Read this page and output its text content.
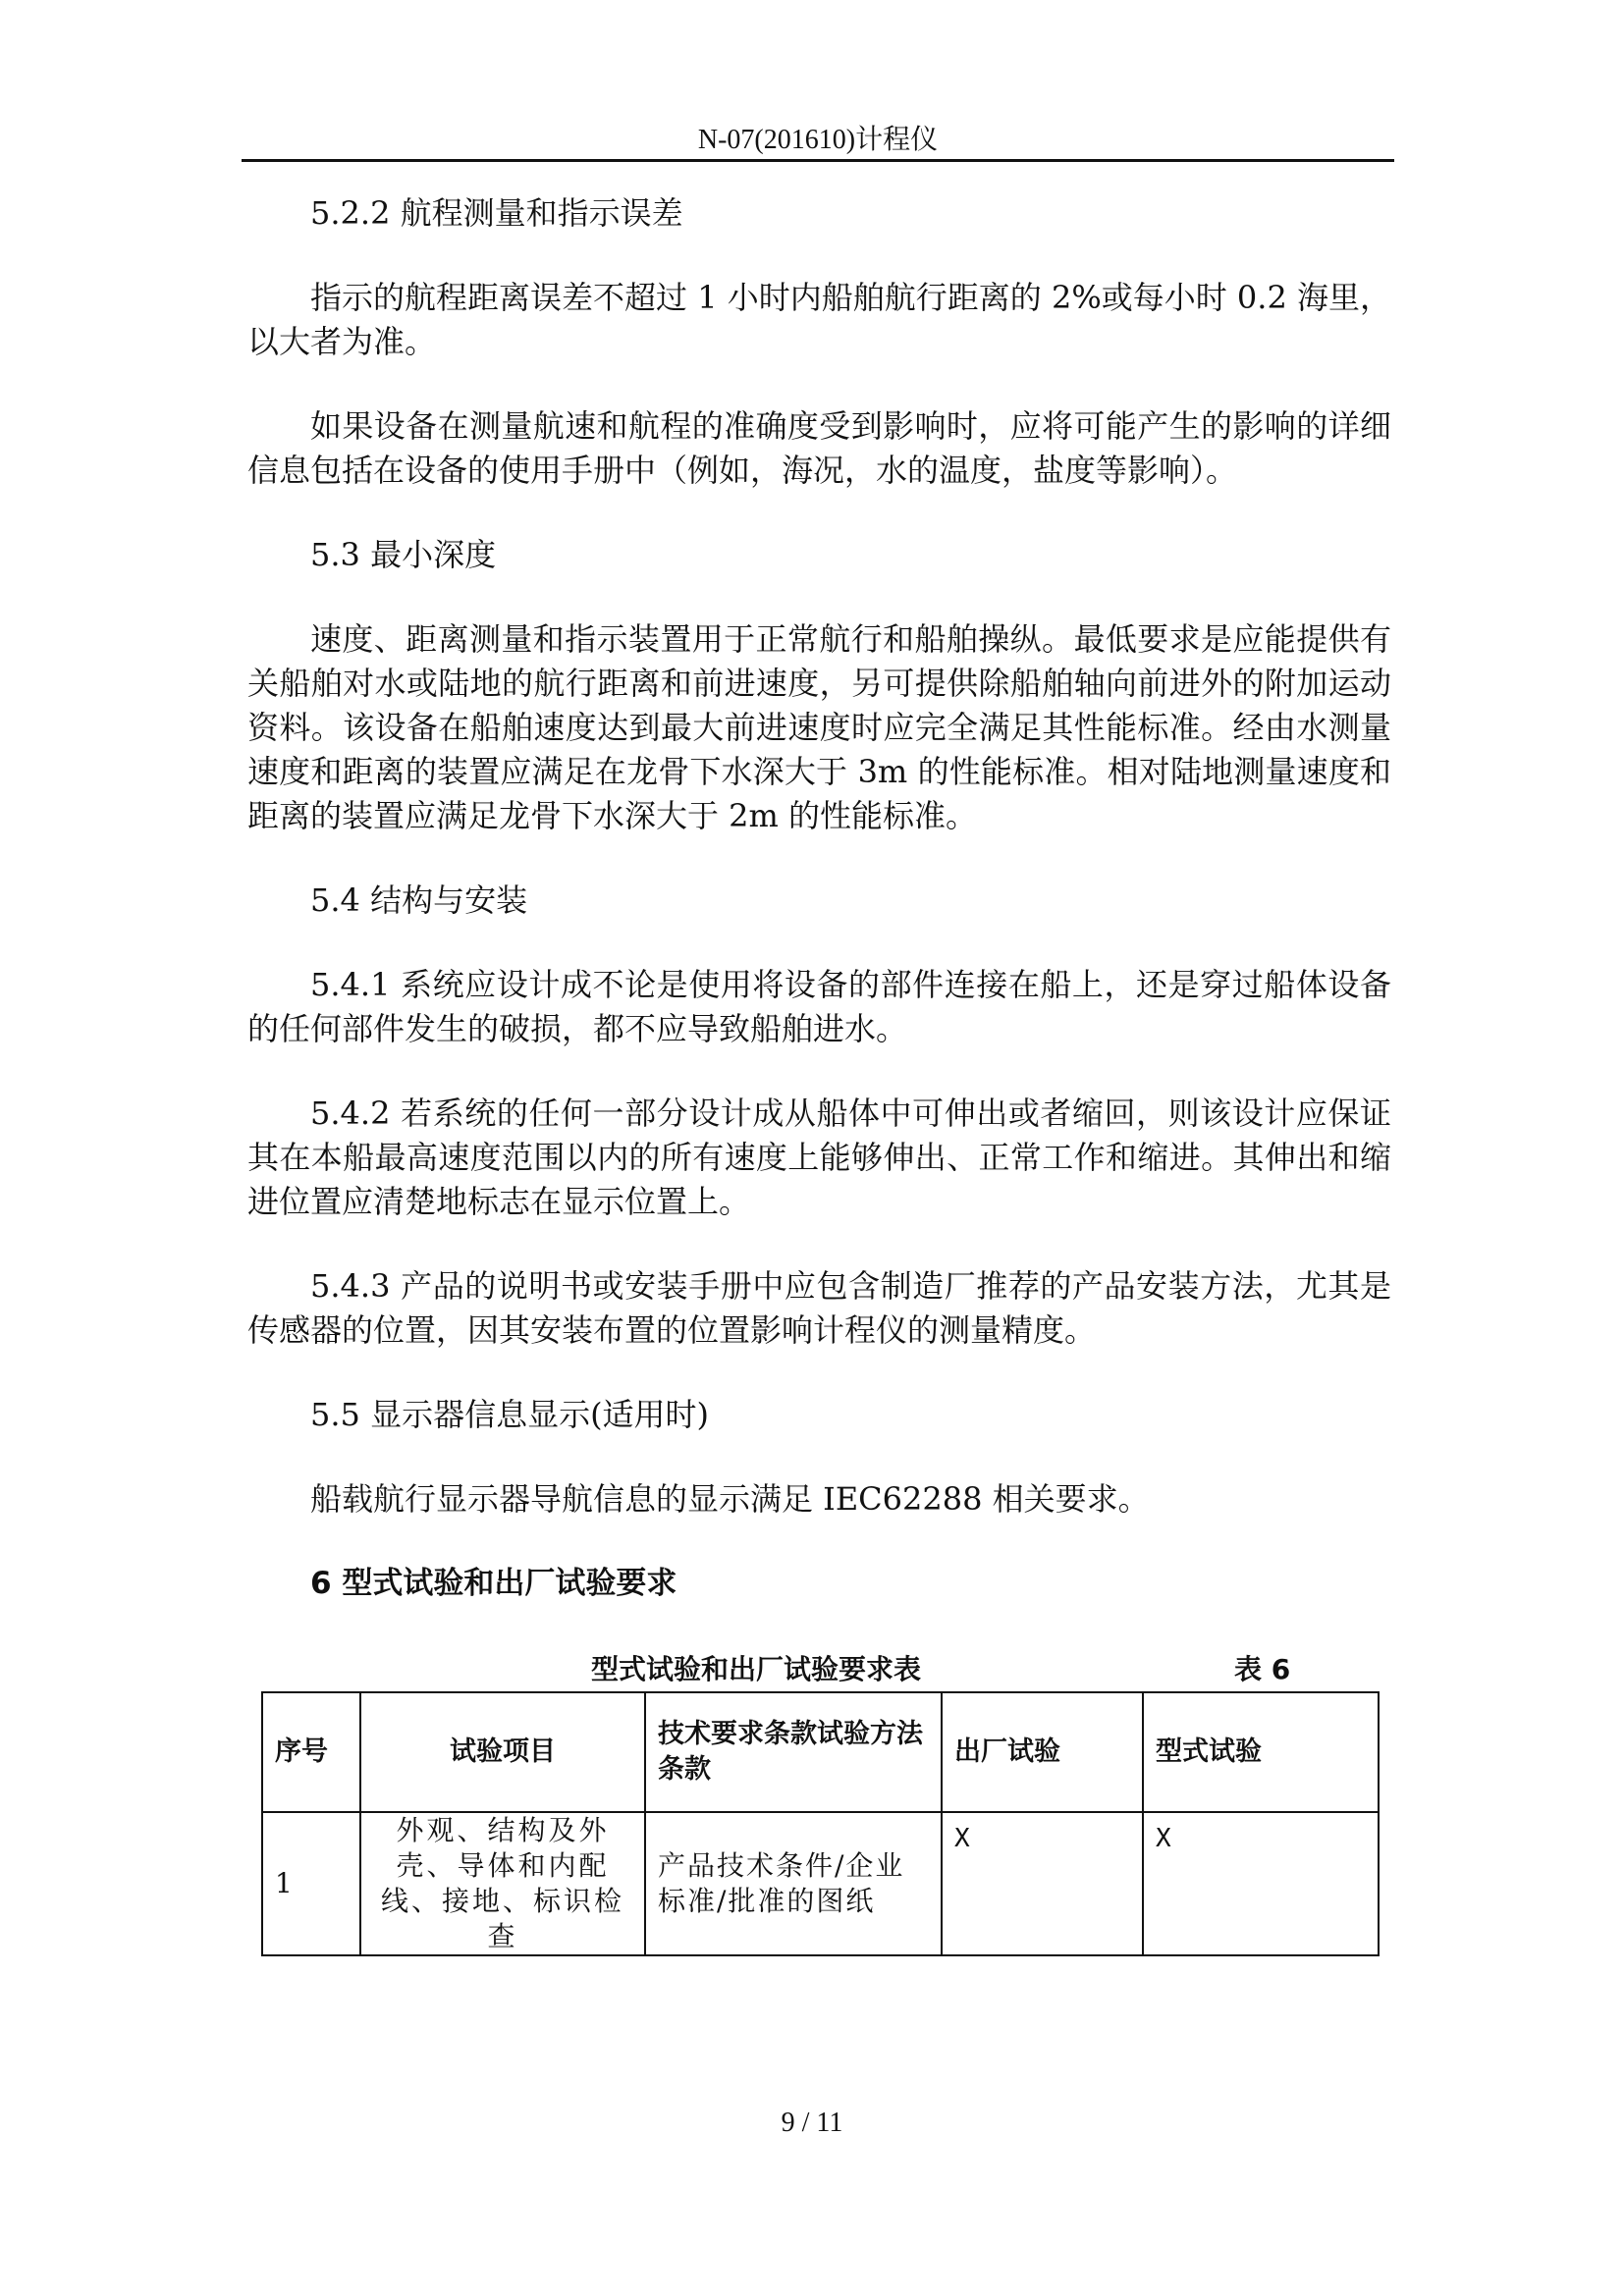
N-07(201610)计程仪

5.2.2 航程测量和指示误差

指示的航程距离误差不超过 1 小时内船舶航行距离的 2%或每小时 0.2 海里，以大者为准。

如果设备在测量航速和航程的准确度受到影响时，应将可能产生的影响的详细信息包括在设备的使用手册中（例如，海况，水的温度，盐度等影响）。

5.3 最小深度

速度、距离测量和指示装置用于正常航行和船舶操纵。最低要求是应能提供有关船舶对水或陆地的航行距离和前进速度，另可提供除船舶轴向前进外的附加运动资料。该设备在船舶速度达到最大前进速度时应完全满足其性能标准。经由水测量速度和距离的装置应满足在龙骨下水深大于 3m 的性能标准。相对陆地测量速度和距离的装置应满足龙骨下水深大于 2m 的性能标准。

5.4 结构与安装

5.4.1 系统应设计成不论是使用将设备的部件连接在船上，还是穿过船体设备的任何部件发生的破损，都不应导致船舶进水。

5.4.2 若系统的任何一部分设计成从船体中可伸出或者缩回，则该设计应保证其在本船最高速度范围以内的所有速度上能够伸出、正常工作和缩进。其伸出和缩进位置应清楚地标志在显示位置上。

5.4.3 产品的说明书或安装手册中应包含制造厂推荐的产品安装方法，尤其是传感器的位置，因其安装布置的位置影响计程仪的测量精度。

5.5 显示器信息显示(适用时)

船载航行显示器导航信息的显示满足 IEC62288 相关要求。

6 型式试验和出厂试验要求

型式试验和出厂试验要求表	表 6
序号	试验项目	技术要求条款试验方法条款	出厂试验	型式试验
1	外观、结构及外壳、导体和内配线、接地、标识检查	产品技术条件/企业标准/批准的图纸	X	X
9 / 11
